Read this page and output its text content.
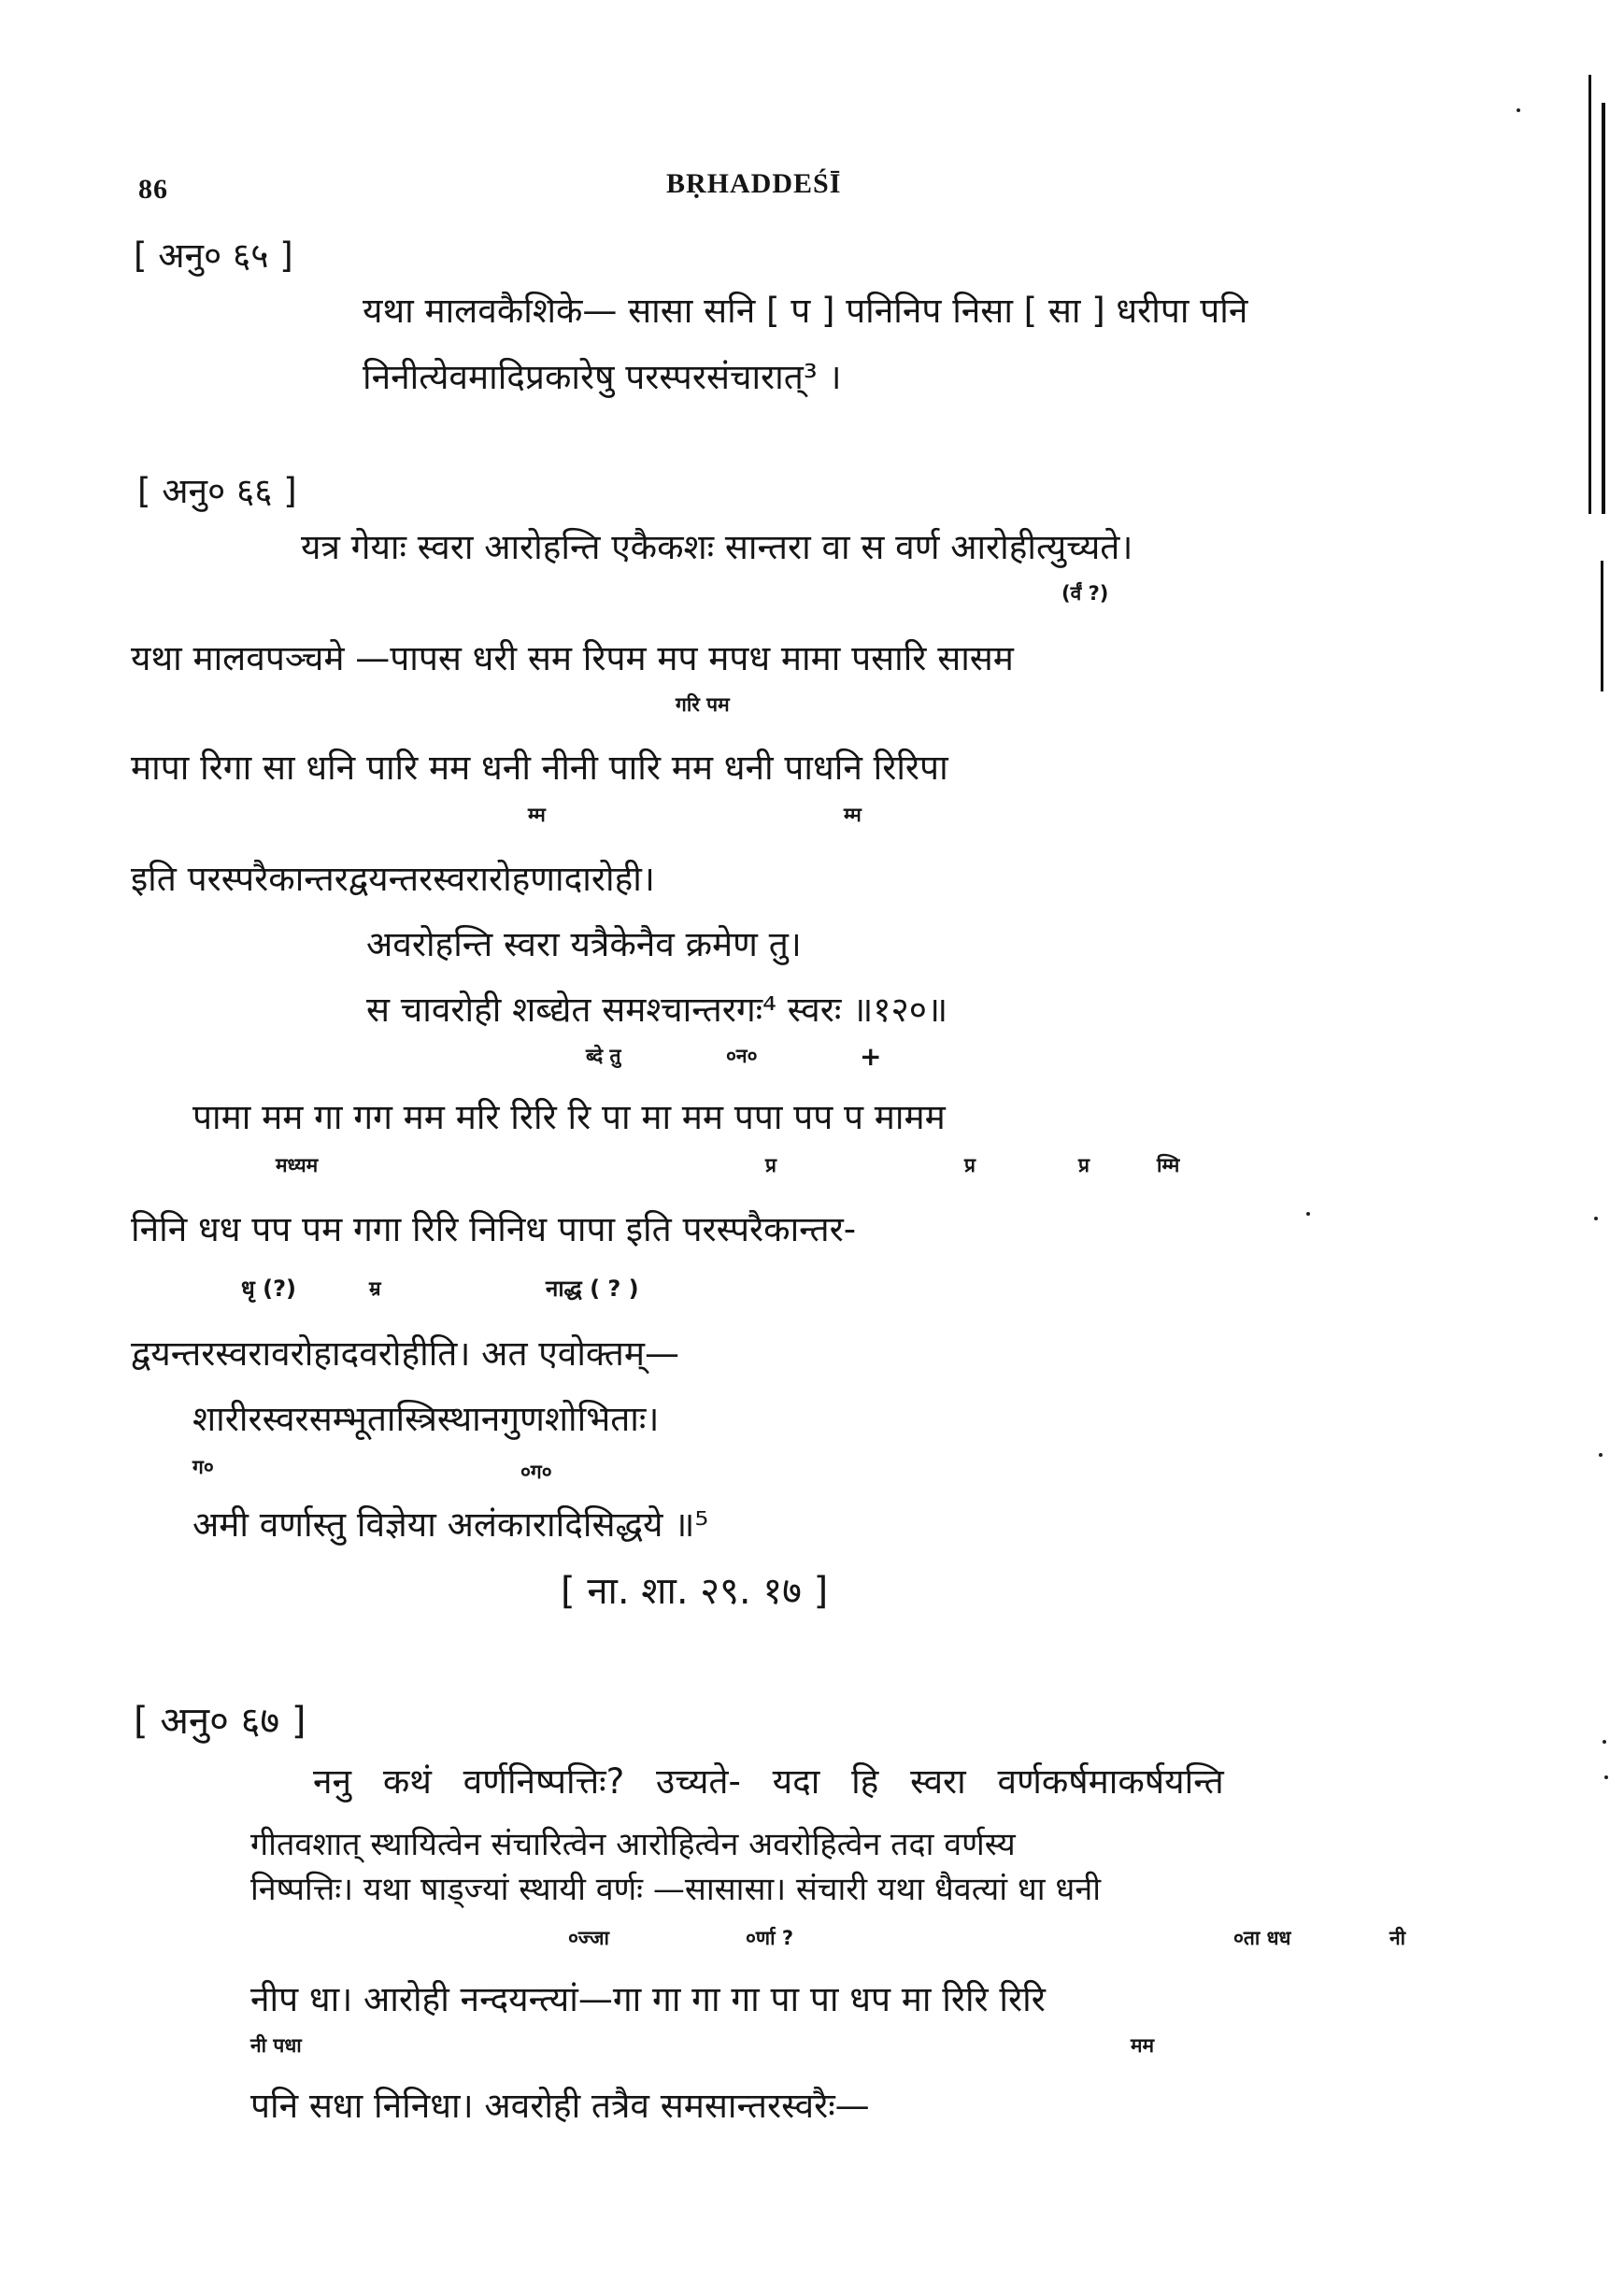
86	BṚHADDEŚĪ
[ अनु० ६५ ]
यथा मालवकैशिके— सासा सनि [ प ] पनिनिप निसा [ सा ] धरीपा पनि
निनीत्येवमादिप्रकारेषु परस्परसंचारात्³ ।
[ अनु० ६६ ]
यत्र गेयाः स्वरा आरोहन्ति एकैकशः सान्तरा वा स वर्ण आरोहीत्युच्यते।
(र्वं ?)
यथा मालवपञ्चमे —पापस धरी सम रिपम मप मपध मामा पसारि सासम
गरि पम
मापा रिगा सा धनि पारि मम धनी नीनी पारि मम धनी पाधनि रिरिपा
म्म	म्म
इति परस्परैकान्तरद्वयन्तरस्वरारोहणादारोही।
अवरोहन्ति स्वरा यत्रैकेनैव क्रमेण तु।
स चावरोही शब्द्येत समश्चान्तरगः⁴ स्वरः ॥१२०॥
ब्दे तु	०न०	+
पामा मम गा गग मम मरि रिरि रि पा मा मम पपा पप प मामम
मध्यम	प्र	प्र	प्र	म्मि
निनि धध पप पम गगा रिरि निनिध पापा इति परस्परैकान्तर-
धृ (?)	म्र	नाद्ध ( ? )
द्वयन्तरस्वरावरोहादवरोहीति। अत एवोक्तम्—
शारीरस्वरसम्भूतास्त्रिस्थानगुणशोभिताः।
ग०	०ग०
अमी वर्णास्तु विज्ञेया अलंकारादिसिद्धये ॥⁵
[ ना. शा. २९. १७ ]
[ अनु० ६७ ]
ननु कथं वर्णनिष्पत्तिः? उच्यते- यदा हि स्वरा वर्णकर्षमाकर्षयन्ति
गीतवशात् स्थायित्वेन संचारित्वेन आरोहित्वेन अवरोहित्वेन तदा वर्णस्य
निष्पत्तिः। यथा षाड्ज्यां स्थायी वर्णः —सासासा। संचारी यथा धैवत्यां धा धनी
०ज्जा	०र्णा ?	०ता धध	नी
नीप धा। आरोही नन्दयन्त्यां—गा गा गा गा पा पा धप मा रिरि रिरि
नी पधा	मम
पनि सधा निनिधा। अवरोही तत्रैव समसान्तरस्वरैः—
